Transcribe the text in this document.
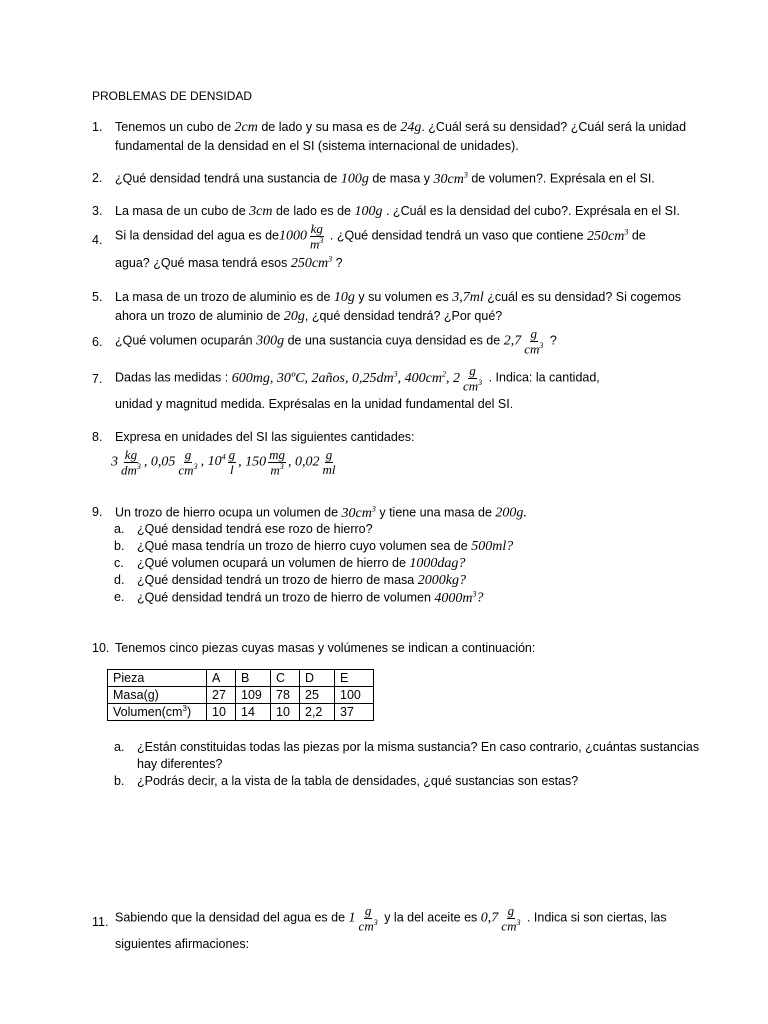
PROBLEMAS DE DENSIDAD
1. Tenemos un cubo de 2cm de lado y su masa es de 24g. ¿Cuál será su densidad? ¿Cuál será la unidad
fundamental de la densidad en el SI (sistema internacional de unidades).
2. ¿Qué densidad tendrá una sustancia de 100g de masa y $30cm^3$ de volumen?. Exprésala en el SI.
3. La masa de un cubo de 3cm de lado es de 100g . ¿Cuál es la densidad del cubo?. Exprésala en el SI.
4. Si la densidad del agua es $de1000 \frac{kg}{m^3}$ . ¿Qué densidad tendrá un vaso que contiene $250cm^3$ de
agua? ¿Qué masa tendrá esos $250cm^3$ ?
5. La masa de un trozo de aluminio es de 10g y su volumen es 3,7ml ¿cuál es su densidad? Si cogemos
ahora un trozo de aluminio de 20g, ¿qué densidad tendrá? ¿Por qué?
6. ¿Qué volumen ocuparán 300g de una sustancia cuya densidad es de $2,7 \frac{g}{cm^3}$ ?
7. Dadas las medidas : 600mg, 30ºC, 2años, $0,25dm^3$, $400cm^2$, $2 \frac{g}{cm^3}$ . Indica: la cantidad,
unidad y magnitud medida. Exprésalas en la unidad fundamental del SI.
8. Expresa en unidades del SI las siguientes cantidades:

$3 \frac{kg}{dm^3}$ , $0,05 \frac{g}{cm^3}$ , $10^4 \frac{g}{l}$ , $150 \frac{mg}{m^3}$ , $0,02 \frac{g}{ml}$
9. Un trozo de hierro ocupa un volumen de $30cm^3$ y tiene una masa de 200g.
a. ¿Qué densidad tendrá ese rozo de hierro?
b. ¿Qué masa tendría un trozo de hierro cuyo volumen sea de 500ml?
c. ¿Qué volumen ocupará un volumen de hierro de 1000dag?
d. ¿Qué densidad tendrá un trozo de hierro de masa 2000kg?
e. ¿Qué densidad tendrá un trozo de hierro de volumen $4000m^3$?
10. Tenemos cinco piezas cuyas masas y volúmenes se indican a continuación:
Pieza	A	B	C	D	E
Masa(g)	27	109	78	25	100
$Volumen(cm^3)$	10	14	10	2,2	37
a. ¿Están constituidas todas las piezas por la misma sustancia? En caso contrario, ¿cuántas sustancias
hay diferentes?
b. ¿Podrás decir, a la vista de la tabla de densidades, ¿qué sustancias son estas?
11. Sabiendo que la densidad del agua es de $1 \frac{g}{cm^3}$ y la del aceite es $0,7 \frac{g}{cm^3}$ . Indica si son ciertas, las
siguientes afirmaciones:
